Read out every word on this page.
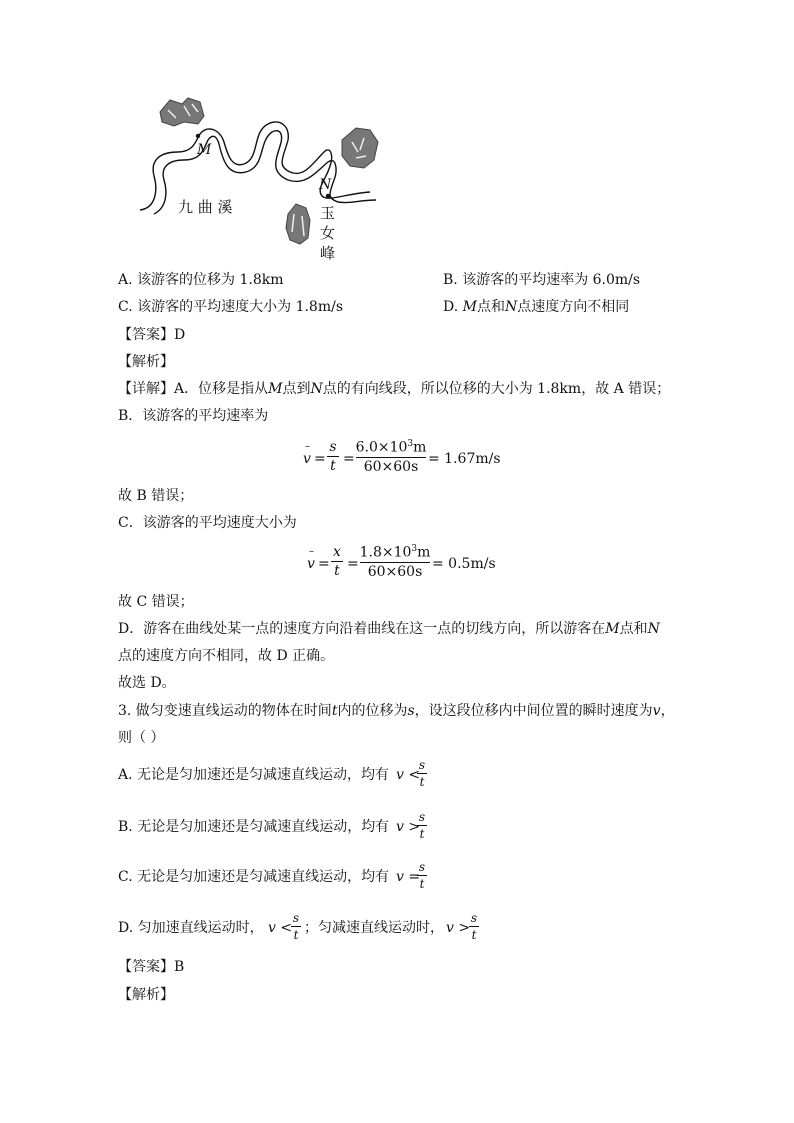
M
N
九 曲 溪	玉
女
峰
A. 该游客的位移为 1.8km	B. 该游客的平均速率为 6.0m/s
C. 该游客的平均速度大小为 1.8m/s	D. M点和N点速度方向不相同
【答案】D
【解析】
【详解】A．位移是指从M点到N点的有向线段，所以位移的大小为 1.8km，故 A 错误；
B．该游客的平均速率为
v
–
=
s
t =
$6.0\times 10^3m$
60×60s = 1.67m/s
故 B 错误；
C．该游客的平均速度大小为
v
–
=
x
t =
$1.8\times 10^3m$
60×60s = 0.5m/s
故 C 错误；
D．游客在曲线处某一点的速度方向沿着曲线在这一点的切线方向，所以游客在M点和N
点的速度方向不相同，故 D 正确。
故选 D。
3. 做匀变速直线运动的物体在时间t内的位移为s，设这段位移内中间位置的瞬时速度为v，
则（ ）
A. 无论是匀加速还是匀减速直线运动，均有 v <
s
t
B. 无论是匀加速还是匀减速直线运动，均有 v >
s
t
C. 无论是匀加速还是匀减速直线运动，均有 v =
s
t
D. 匀加速直线运动时， v <
s
t ；匀减速直线运动时， v >
s
t
【答案】B
【解析】
